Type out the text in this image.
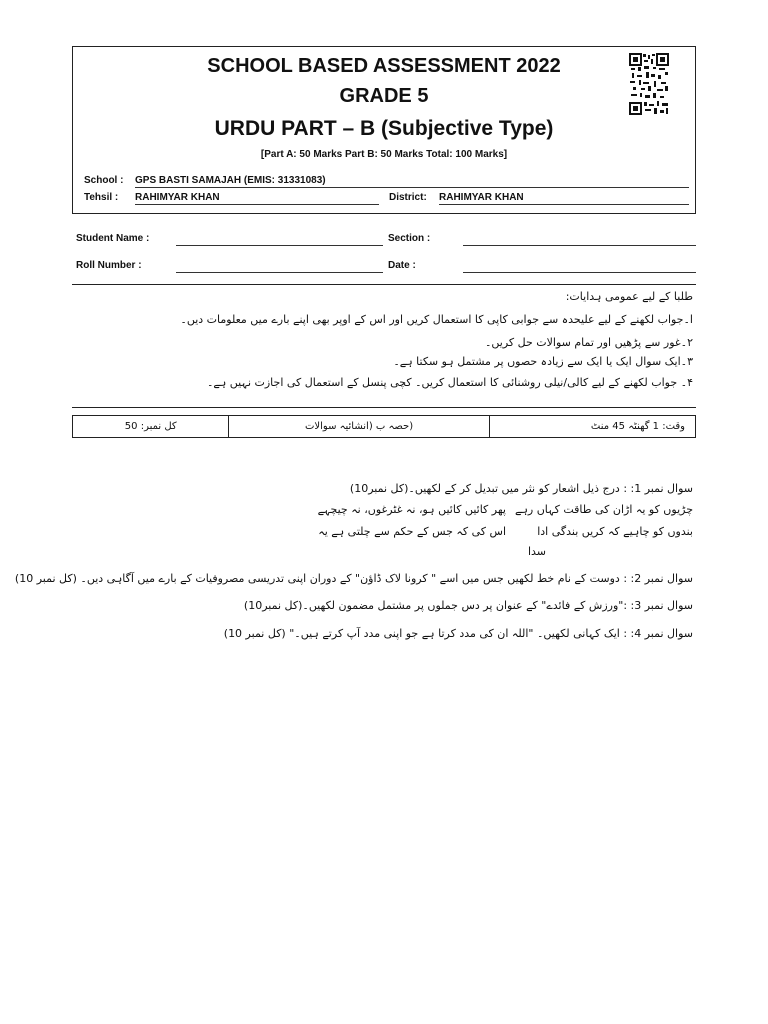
SCHOOL BASED ASSESSMENT 2022
GRADE 5
URDU PART – B (Subjective Type)
[Part A: 50 Marks Part B: 50 Marks Total: 100 Marks]
School : GPS BASTI SAMAJAH (EMIS: 31331083)
Tehsil : RAHIMYAR KHAN	District: RAHIMYAR KHAN
Student Name :	Section :
Roll Number :	Date :
طلبا کے لیے عمومی ہدایات:
ا۔جواب لکھنے کے لیے علیحدہ سے جوابی کاپی کا استعمال کریں اور اس کے اوپر بھی اپنے بارے میں معلومات دیں۔
۲۔غور سے پڑھیں اور تمام سوالات حل کریں۔
۳۔ایک سوال ایک یا ایک سے زیادہ حصوں پر مشتمل ہو سکتا ہے۔
۴۔ جواب لکھنے کے لیے کالی/نیلی روشنائی کا استعمال کریں۔ کچی پنسل کے استعمال کی اجازت نہیں ہے۔
کل نمبر: 50	(حصہ ب (انشائیہ سوالات	وقت: 1 گھنٹہ 45 منٹ
سوال نمبر 1: : درج ذیل اشعار کو نثر میں تبدیل کر کے لکھیں۔(کل نمبر10)
چڑیوں کو یہ اڑان کی طاقت کہاں رہے
پھر کائیں کائیں ہو، نہ غٹرغوں، نہ چیچہے
بندوں کو چاہیے کہ کریں بندگی ادا
اس کی کہ جس کے حکم سے چلتی ہے یہ
سدا
سوال نمبر 2: : دوست کے نام خط لکھیں جس میں اسے " کرونا لاک ڈاؤن" کے دوران اپنی تدریسی مصروفیات کے بارے میں آگاہی دیں۔ (کل نمبر 10)
سوال نمبر 3: :"ورزش کے فائدے" کے عنوان پر دس جملوں پر مشتمل مضمون لکھیں۔(کل نمبر10)
سوال نمبر 4: : ایک کہانی لکھیں۔ "اللہ ان کی مدد کرتا ہے جو اپنی مدد آپ کرتے ہیں۔" (کل نمبر 10)
